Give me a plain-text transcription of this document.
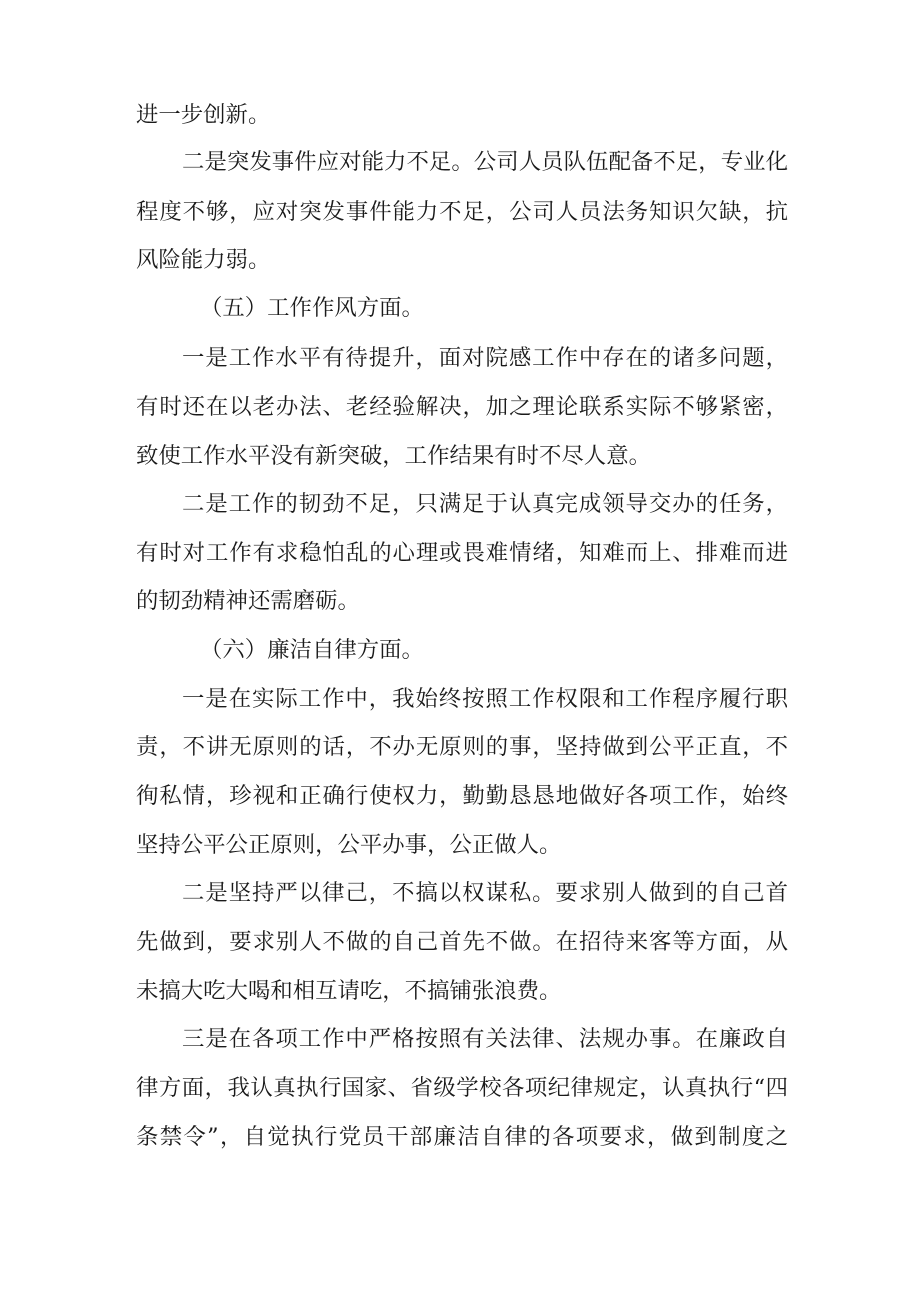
进一步创新。
二是突发事件应对能力不足。公司人员队伍配备不足，专业化
程度不够，应对突发事件能力不足，公司人员法务知识欠缺，抗
风险能力弱。
（五）工作作风方面。
一是工作水平有待提升，面对院感工作中存在的诸多问题，
有时还在以老办法、老经验解决，加之理论联系实际不够紧密，
致使工作水平没有新突破，工作结果有时不尽人意。
二是工作的韧劲不足，只满足于认真完成领导交办的任务，
有时对工作有求稳怕乱的心理或畏难情绪，知难而上、排难而进
的韧劲精神还需磨砺。
（六）廉洁自律方面。
一是在实际工作中，我始终按照工作权限和工作程序履行职
责，不讲无原则的话，不办无原则的事，坚持做到公平正直，不
徇私情，珍视和正确行使权力，勤勤恳恳地做好各项工作，始终
坚持公平公正原则，公平办事，公正做人。
二是坚持严以律己，不搞以权谋私。要求别人做到的自己首
先做到，要求别人不做的自己首先不做。在招待来客等方面，从
未搞大吃大喝和相互请吃，不搞铺张浪费。
三是在各项工作中严格按照有关法律、法规办事。在廉政自
律方面，我认真执行国家、省级学校各项纪律规定，认真执行“四
条禁令”，自觉执行党员干部廉洁自律的各项要求，做到制度之
